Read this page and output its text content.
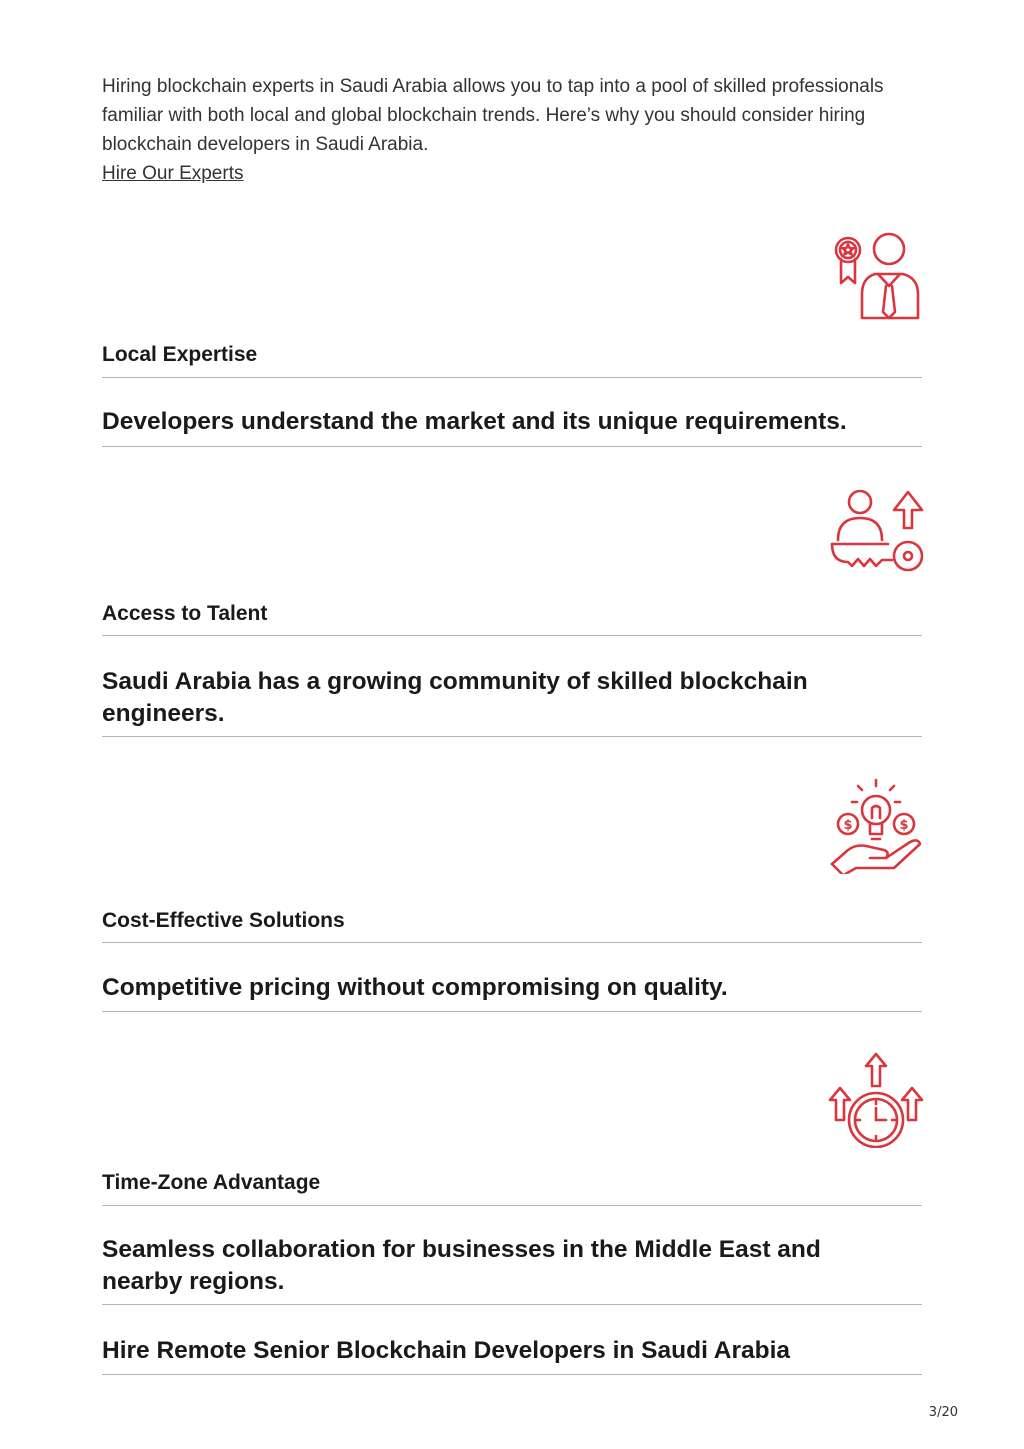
Hiring blockchain experts in Saudi Arabia allows you to tap into a pool of skilled professionals familiar with both local and global blockchain trends. Here’s why you should consider hiring blockchain developers in Saudi Arabia.

Hire Our Experts
Local Expertise
Developers understand the market and its unique requirements.
Access to Talent
Saudi Arabia has a growing community of skilled blockchain engineers.
$	$
Cost-Effective Solutions
Competitive pricing without compromising on quality.
Time-Zone Advantage
Seamless collaboration for businesses in the Middle East and nearby regions.
Hire Remote Senior Blockchain Developers in Saudi Arabia
3/20
